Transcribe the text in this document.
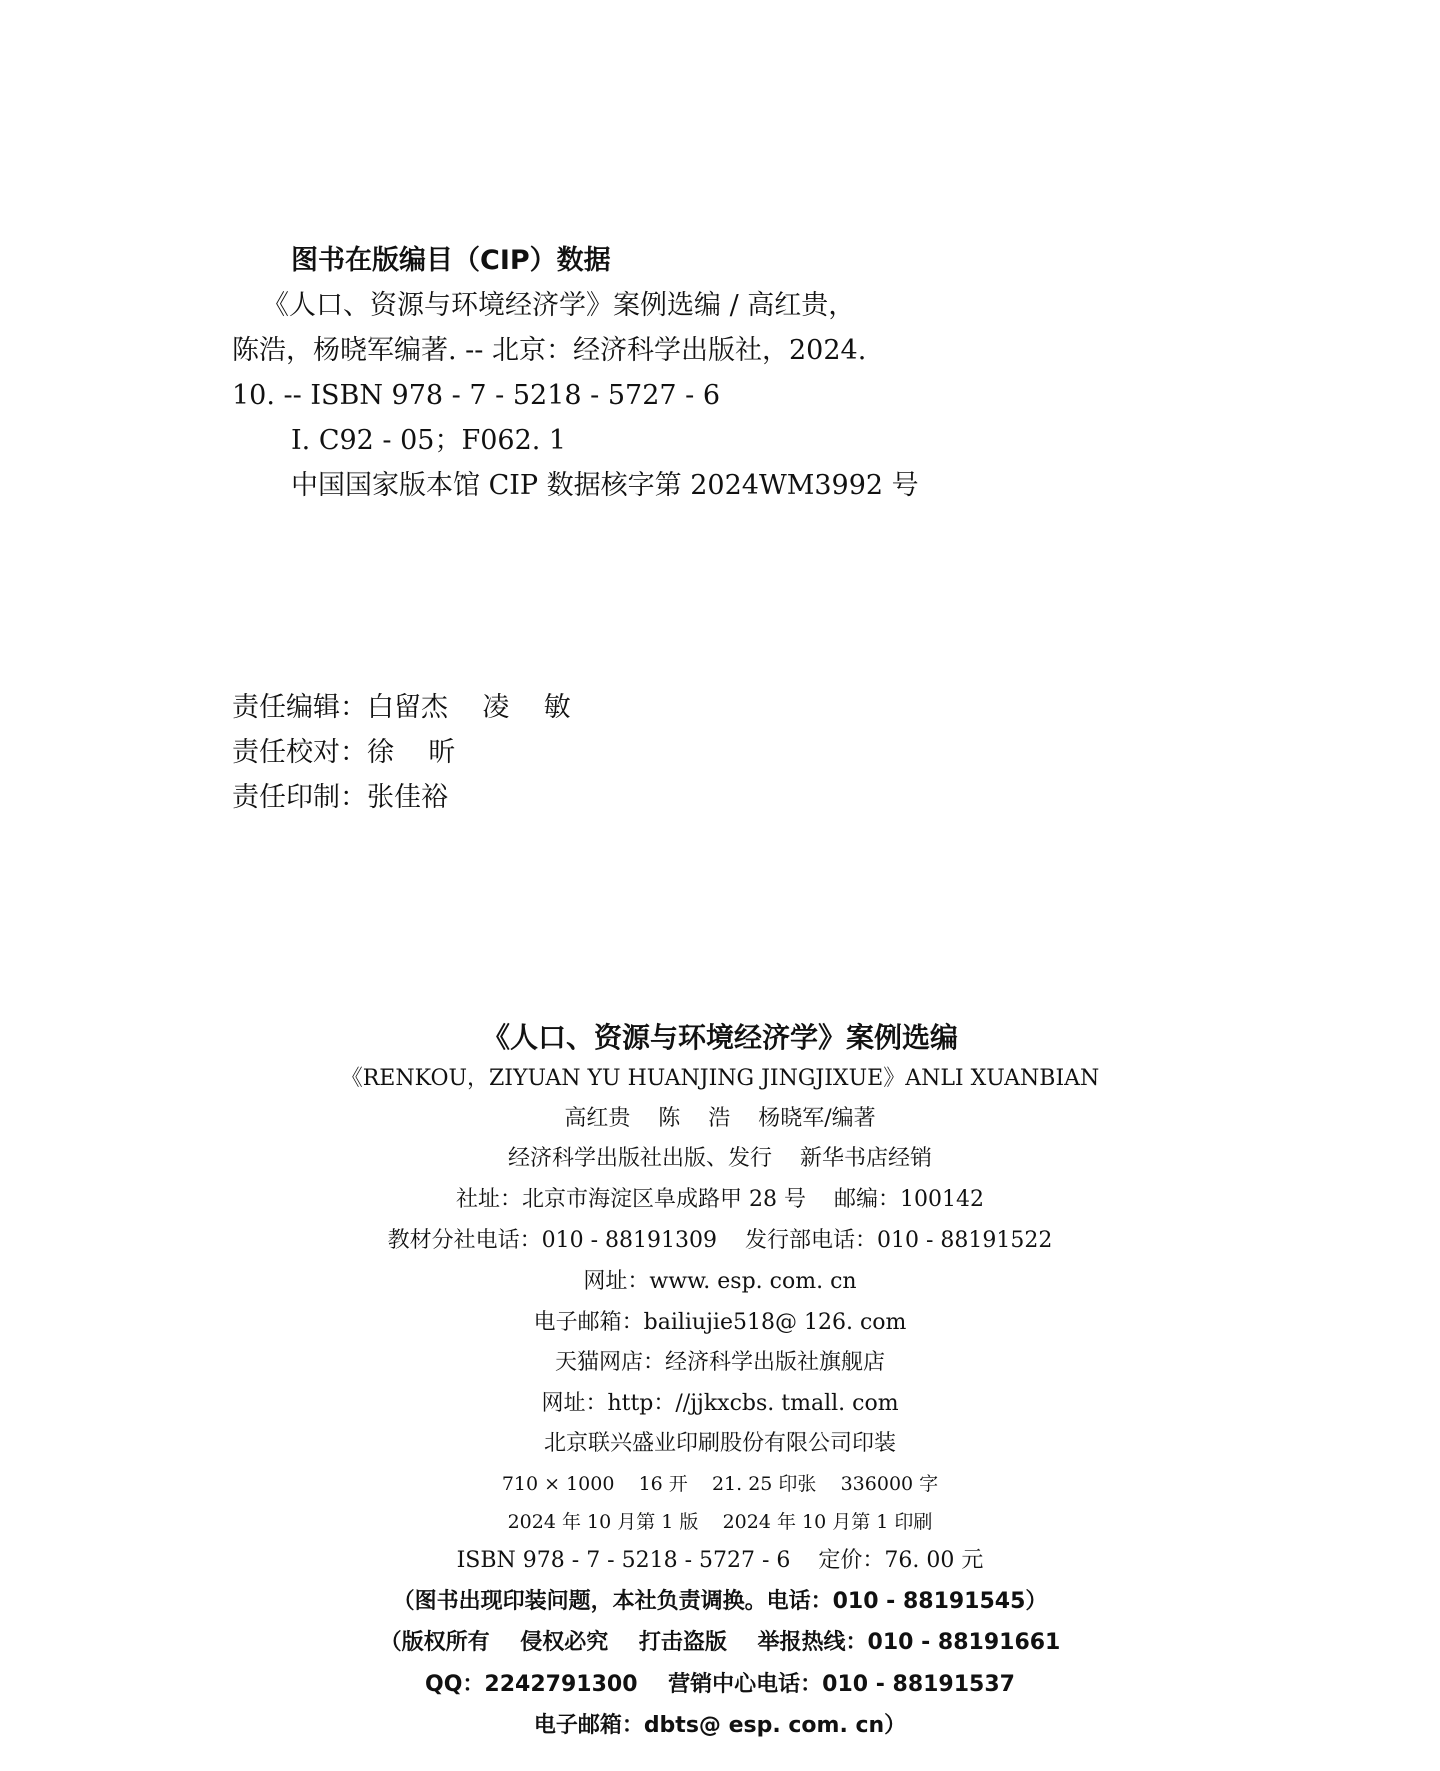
图书在版编目（CIP）数据
《人口、资源与环境经济学》案例选编 / 高红贵，
陈浩，杨晓军编著. -- 北京：经济科学出版社，2024.
10. -- ISBN 978 - 7 - 5218 - 5727 - 6
Ⅰ. C92 - 05；F062. 1
中国国家版本馆 CIP 数据核字第 2024WM3992 号
责任编辑：白留杰    凌    敏
责任校对：徐    昕
责任印制：张佳裕
《人口、资源与环境经济学》案例选编
《RENKOU，ZIYUAN YU HUANJING JINGJIXUE》ANLI XUANBIAN
高红贵    陈    浩    杨晓军/编著
经济科学出版社出版、发行    新华书店经销
社址：北京市海淀区阜成路甲 28 号    邮编：100142
教材分社电话：010 - 88191309    发行部电话：010 - 88191522
网址：www. esp. com. cn
电子邮箱：bailiujie518@ 126. com
天猫网店：经济科学出版社旗舰店
网址：http：//jjkxcbs. tmall. com
北京联兴盛业印刷股份有限公司印装
710 × 1000    16 开    21. 25 印张    336000 字
2024 年 10 月第 1 版    2024 年 10 月第 1 印刷
ISBN 978 - 7 - 5218 - 5727 - 6    定价：76. 00 元
（图书出现印装问题，本社负责调换。电话：010 - 88191545）
（版权所有    侵权必究    打击盗版    举报热线：010 - 88191661
QQ：2242791300    营销中心电话：010 - 88191537
电子邮箱：dbts@ esp. com. cn）
